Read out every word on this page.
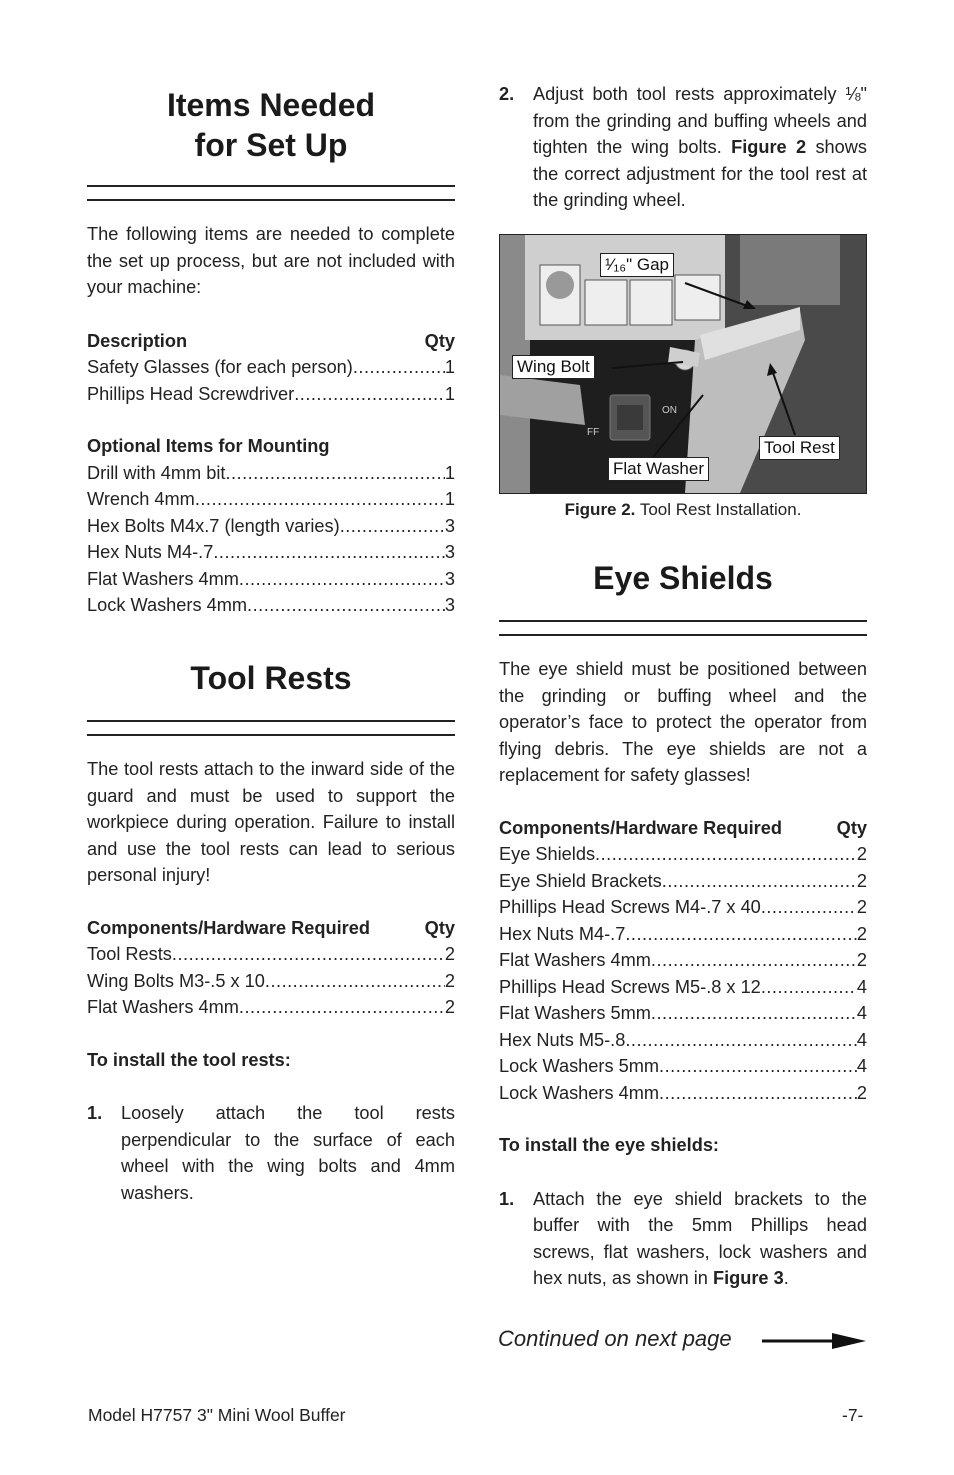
Items Needed
for Set Up

The following items are needed to complete the set up process, but are not included with your machine:

Description	Qty
Safety Glasses (for each person) .....	1
Phillips Head Screwdriver .....	1
Optional Items for Mounting
Drill with 4mm bit .....	1
Wrench 4mm .....	1
Hex Bolts M4x.7 (length varies) .....	3
Hex Nuts M4-.7 .....	3
Flat Washers 4mm .....	3
Lock Washers 4mm .....	3
Tool Rests

The tool rests attach to the inward side of the guard and must be used to support the workpiece during operation. Failure to install and use the tool rests can lead to serious personal injury!

Components/Hardware Required	Qty
Tool Rests .....	2
Wing Bolts M3-.5 x 10 .....	2
Flat Washers 4mm .....	2
To install the tool rests:
1.	Loosely attach the tool rests perpendicular to the surface of each wheel with the wing bolts and 4mm washers.
2.	Adjust both tool rests approximately ⅛" from the grinding and buffing wheels and tighten the wing bolts. Figure 2 shows the correct adjustment for the tool rest at the grinding wheel.
ON
FF
¹⁄₁₆" Gap
Wing Bolt
Flat Washer
Tool Rest
Figure 2. Tool Rest Installation.
Eye Shields

The eye shield must be positioned between the grinding or buffing wheel and the operator’s face to protect the operator from flying debris. The eye shields are not a replacement for safety glasses!

Components/Hardware Required	Qty
Eye Shields .....	2
Eye Shield Brackets .....	2
Phillips Head Screws M4-.7 x 40 .....	2
Hex Nuts M4-.7 .....	2
Flat Washers 4mm .....	2
Phillips Head Screws M5-.8 x 12 .....	4
Flat Washers 5mm .....	4
Hex Nuts M5-.8 .....	4
Lock Washers 5mm .....	4
Lock Washers 4mm .....	2
To install the eye shields:
1.	Attach the eye shield brackets to the buffer with the 5mm Phillips head screws, flat washers, lock washers and hex nuts, as shown in Figure 3.
Continued on next page
Model H7757 3" Mini Wool Buffer	-7-
